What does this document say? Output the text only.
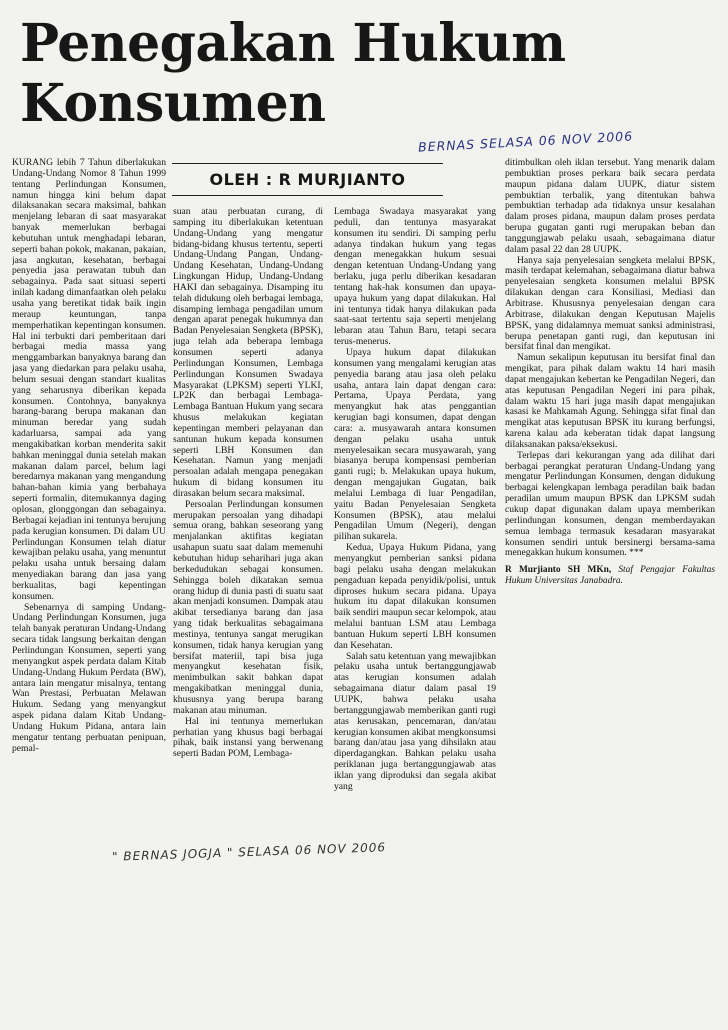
Penegakan Hukum
Konsumen
BERNAS SELASA 06 NOV 2006
OLEH : R MURJIANTO

KURANG lebih 7 Tahun diberlakukan Undang-Undang Nomor 8 Tahun 1999 tentang Perlindungan Konsumen, namun hingga kini belum dapat dilaksanakan secara maksimal, bahkan menjelang lebaran di saat masyarakat banyak memerlukan berbagai kebutuhan untuk menghadapi lebaran, seperti bahan pokok, makanan, pakaian, jasa angkutan, kesehatan, berbagai penyedia jasa perawatan tubuh dan sebagainya. Pada saat situasi seperti inilah kadang dimanfaatkan oleh pelaku usaha yang beretikat tidak baik ingin meraup keuntungan, tanpa memperhatikan kepentingan konsumen. Hal ini terbukti dari pemberitaan dari berbagai media massa yang menggambarkan banyaknya barang dan jasa yang diedarkan para pelaku usaha, belum sesuai dengan standart kualitas yang seharusnya diberikan kepada konsumen. Contohnya, banyaknya barang-barang berupa makanan dan minuman beredar yang sudah kadarluarsa, sampai ada yang mengakibatkan korban menderita sakit bahkan meninggal dunia setelah makan makanan dalam parcel, belum lagi beredarnya makanan yang mengandung bahan-bahan kimia yang berbahaya seperti formalin, ditemukannya daging oplosan, glonggongan dan sebagainya. Berbagai kejadian ini tentunya berujung pada kerugian konsumen. Di dalam UU Perlindungan Konsumen telah diatur kewajiban pelaku usaha, yang menuntut pelaku usaha untuk bersaing dalam menyediakan barang dan jasa yang berkualitas, bagi kepentingan konsumen.

Sebenarnya di samping Undang-Undang Perlindungan Konsumen, juga telah banyak peraturan Undang-Undang secara tidak langsung berkaitan dengan Perlindungan Konsumen, seperti yang menyangkut aspek perdata dalam Kitab Undang-Undang Hukum Perdata (BW), antara lain mengatur misalnya, tentang Wan Prestasi, Perbuatan Melawan Hukum. Sedang yang menyangkut aspek pidana dalam Kitab Undang-Undang Hukum Pidana, antara lain mengatur tentang perbuatan penipuan, pemal-

suan atau perbuatan curang, di samping itu diberlakukan ketentuan Undang-Undang yang mengatur bidang-bidang khusus tertentu, seperti Undang-Undang Pangan, Undang-Undang Kesehatan, Undang-Undang Lingkungan Hidup, Undang-Undang HAKI dan sebagainya. Disamping itu telah didukung oleh berbagai lembaga, disamping lembaga pengadilan umum dengan aparat penegak hukumnya dan Badan Penyelesaian Sengketa (BPSK), juga telah ada beberapa lembaga konsumen seperti adanya Perlindungan Konsumen, Lembaga Perlindungan Konsumen Swadaya Masyarakat (LPKSM) seperti YLKI, LP2K dan berbagai Lembaga-Lembaga Bantuan Hukum yang secara khusus melakukan kegiatan kepentingan memberi pelayanan dan santunan hukum kepada konsumen seperti LBH Konsumen dan Kesehatan. Namun yang menjadi persoalan adalah mengapa penegakan hukum di bidang konsumen itu dirasakan belum secara maksimal.

Persoalan Perlindungan konsumen merupakan persoalan yang dihadapi semua orang, bahkan seseorang yang menjalankan aktifitas kegiatan usahapun suatu saat dalam memenuhi kebutuhan hidup seharihari juga akan berkedudukan sebagai konsumen. Sehingga boleh dikatakan semua orang hidup di dunia pasti di suatu saat akan menjadi konsumen. Dampak atau akibat tersedianya barang dan jasa yang tidak berkualitas sebagaimana mestinya, tentunya sangat merugikan konsumen, tidak hanya kerugian yang bersifat materiil, tapi bisa juga menyangkut kesehatan fisik, menimbulkan sakit bahkan dapat mengakibatkan meninggal dunia, khususnya yang berupa barang makanan atau minuman.

Hal ini tentunya memerlukan perhatian yang khusus bagi berbagai pihak, baik instansi yang berwenang seperti Badan POM, Lembaga-

Lembaga Swadaya masyarakat yang peduli, dan tentunya masyarakat konsumen itu sendiri. Di samping perlu adanya tindakan hukum yang tegas dengan menegakkan hukum sesuai dengan ketentuan Undang-Undang yang berlaku, juga perlu diberikan kesadaran tentang hak-hak konsumen dan upaya-upaya hukum yang dapat dilakukan. Hal ini tentunya tidak hanya dilakukan pada saat-saat tertentu saja seperti menjelang lebaran atau Tahun Baru, tetapi secara terus-menerus.

Upaya hukum dapat dilakukan konsumen yang mengalami kerugian atas penyedia barang atau jasa oleh pelaku usaha, antara lain dapat dengan cara: Pertama, Upaya Perdata, yang menyangkut hak atas penggantian kerugian bagi konsumen, dapat dengan cara: a. musyawarah antara konsumen dengan pelaku usaha untuk menyelesaikan secara musyawarah, yang biasanya berupa kompensasi pemberian ganti rugi; b. Melakukan upaya hukum, dengan mengajukan Gugatan, baik melalui Lembaga di luar Pengadilan, yaitu Badan Penyelesaian Sengketa Konsumen (BPSK), atau melalui Pengadilan Umum (Negeri), dengan pilihan sukarela.

Kedua, Upaya Hukum Pidana, yang menyangkut pemberian sanksi pidana bagi pelaku usaha dengan melakukan pengaduan kepada penyidik/polisi, untuk diproses hukum secara pidana. Upaya hukum itu dapat dilakukan konsumen baik sendiri maupun secar kelompok, atau melalui bantuan LSM atau Lembaga bantuan Hukum seperti LBH konsumen dan Kesehatan.

Salah satu ketentuan yang mewajibkan pelaku usaha untuk bertanggungjawab atas kerugian konsumen adalah sebagaimana diatur dalam pasal 19 UUPK, bahwa pelaku usaha bertanggungjawab memberikan ganti rugi atas kerusakan, pencemaran, dan/atau kerugian konsumen akibat mengkonsumsi barang dan/atau jasa yang dihsilakn atau diperdagangkan. Bahkan pelaku usaha periklanan juga bertanggungjawab atas iklan yang diproduksi dan segala akibat yang

ditimbulkan oleh iklan tersebut. Yang menarik dalam pembuktian proses perkara baik secara perdata maupun pidana dalam UUPK, diatur sistem pembuktian terbalik, yang ditentukan bahwa pembuktian terhadap ada tidaknya unsur kesalahan dalam proses pidana, maupun dalam proses perdata berupa gugatan ganti rugi merupakan beban dan tanggungjawab pelaku usaah, sebagaimana diatur dalam pasal 22 dan 28 UUPK.

Hanya saja penyelesaian sengketa melalui BPSK, masih terdapat kelemahan, sebagaimana diatur bahwa penyelesaian sengketa konsumen melalui BPSK dilakukan dengan cara Konsiliasi, Mediasi dan Arbitrase. Khususnya penyelesaian dengan cara Arbitrase, dilakukan dengan Keputusan Majelis BPSK, yang didalamnya memuat sanksi administrasi, berupa penetapan ganti rugi, dan keputusan ini bersifat final dan mengikat.

Namun sekalipun keputusan itu bersifat final dan mengikat, para pihak dalam waktu 14 hari masih dapat mengajukan kebertan ke Pengadilan Negeri, dan atas keputusan Pengadilan Negeri ini para pihak, dalam waktu 15 hari juga masih dapat mengajukan kasasi ke Mahkamah Agung. Sehingga sifat final dan mengikat atas keputusan BPSK itu kurang berfungsi, karena kalau ada keberatan tidak dapat langsung dilaksanakan paksa/eksekusi.

Terlepas dari kekurangan yang ada dilihat dari berbagai perangkat peraturan Undang-Undang yang mengatur Perlindungan Konsumen, dengan didukung berbagai kelengkapan lembaga peradilan baik badan peradilan umum maupun BPSK dan LPKSM sudah cukup dapat digunakan dalam upaya memberikan perlindungan konsumen, dengan memberdayakan semua lembaga termasuk kesadaran masyarakat konsumen sendiri untuk bersinergi bersama-sama menegakkan hukum konsumen. ***

R Murjianto SH MKn, Staf Pengajar Fakultas Hukum Universitas Janabadra.

" BERNAS JOGJA " SELASA 06 NOV 2006
